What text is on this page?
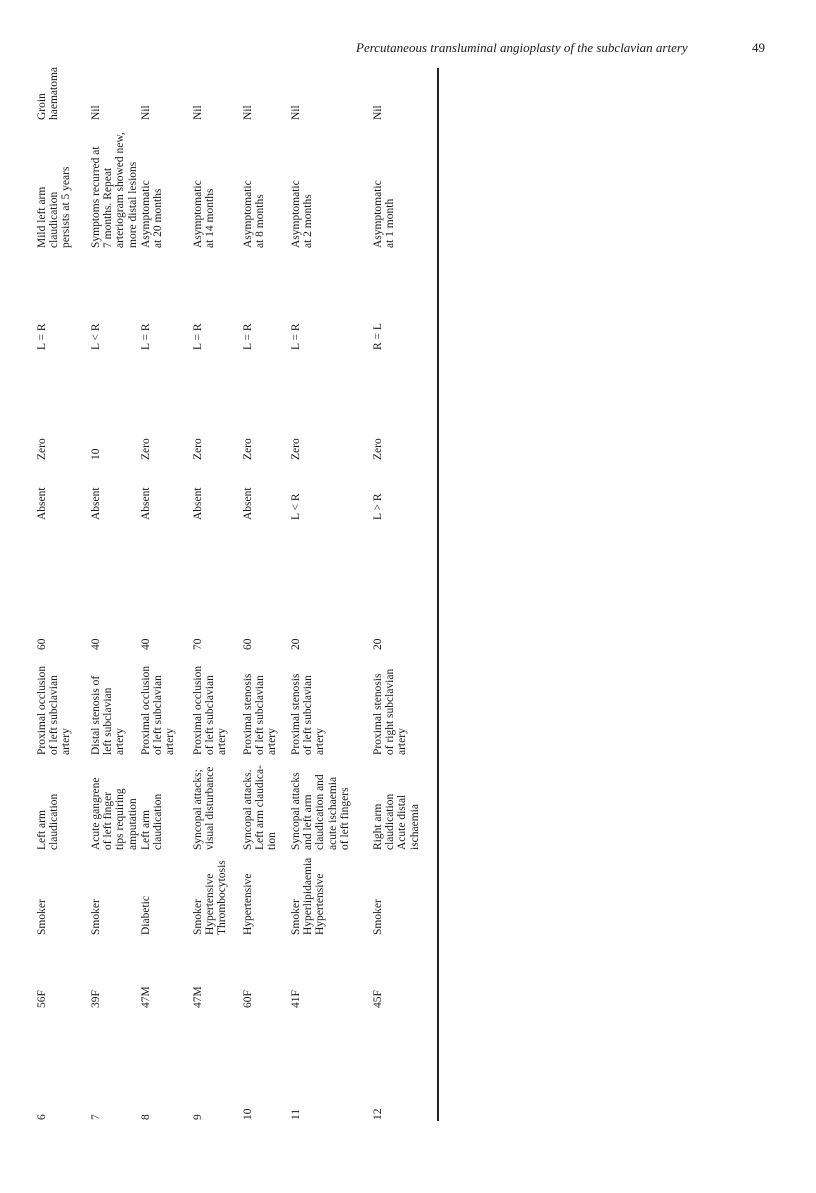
Percutaneous transluminal angioplasty of the subclavian artery	49
6
56F
Smoker
Left arm claudication
Proximal occlusion of left subclavian artery
60
Absent
Zero
L = R
Mild left arm claudication persists at 5 years
Groin haematoma
7
39F
Smoker
Acute gangrene of left finger tips requiring amputation
Distal stenosis of left subclavian artery
40
Absent
10
L < R
Symptoms recurred at 7 months. Repeat arteriogram showed new, more distal lesions
Nil
8
47M
Diabetic
Left arm claudication
Proximal occlusion of left subclavian artery
40
Absent
Zero
L = R
Asymptomatic at 20 months
Nil
9
47M
Smoker Hypertensive Thrombocytosis
Syncopal attacks; visual disturbance
Proximal occlusion of left subclavian artery
70
Absent
Zero
L = R
Asymptomatic at 14 months
Nil
10
60F
Hypertensive
Syncopal attacks. Left arm claudica- tion
Proximal stenosis of left subclavian artery
60
Absent
Zero
L = R
Asymptomatic at 8 months
Nil
11
41F
Smoker Hyperlipidaemia Hypertensive
Syncopal attacks and left arm claudication and acute ischaemia of left fingers
Proximal stenosis of left subclavian artery
20
L < R
Zero
L = R
Asymptomatic at 2 months
Nil
12
45F
Smoker
Right arm claudication Acute distal ischaemia
Proximal stenosis of right subclavian artery
20
L > R
Zero
R = L
Asymptomatic at 1 month
Nil
